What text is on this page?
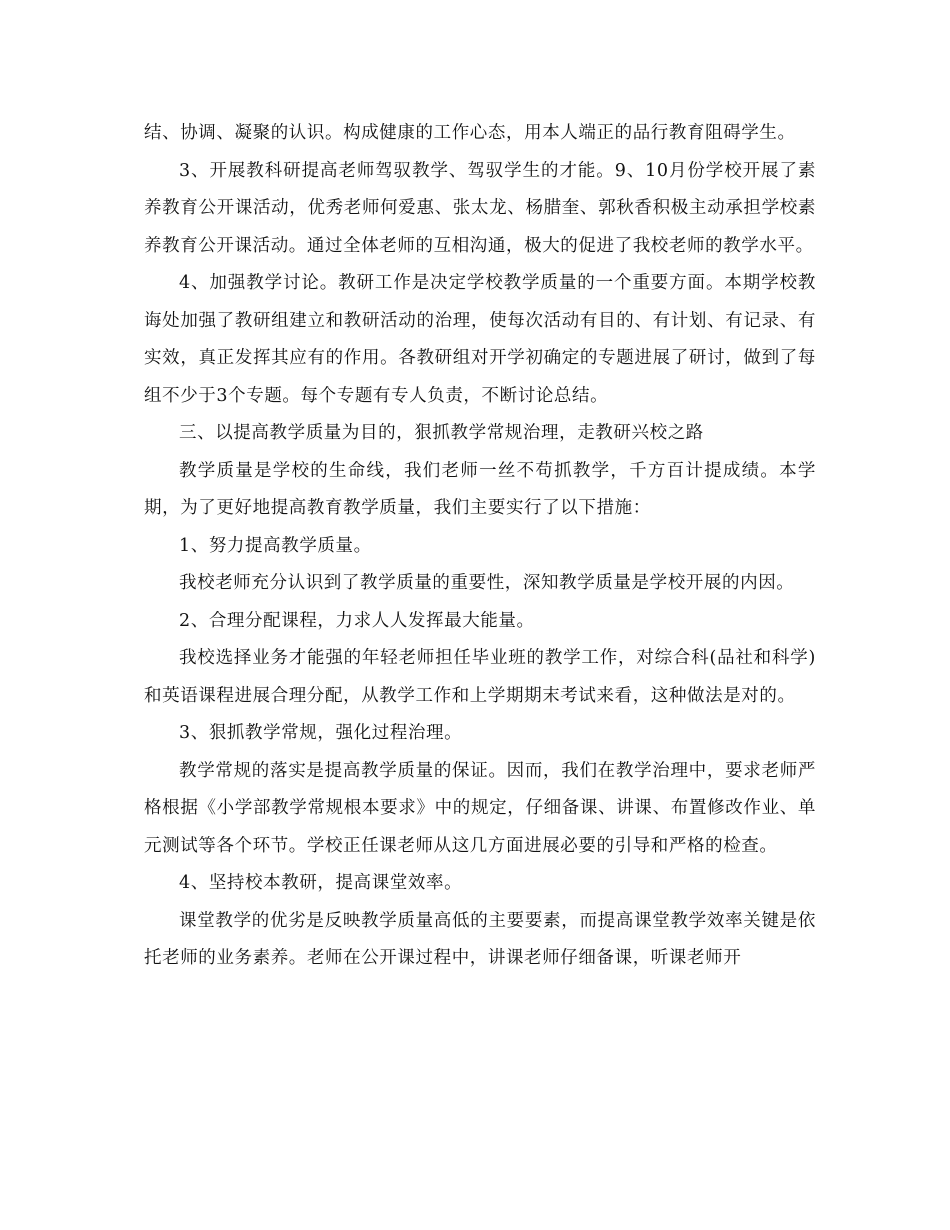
结、协调、凝聚的认识。构成健康的工作心态，用本人端正的品行教育阻碍学生。

3、开展教科研提高老师驾驭教学、驾驭学生的才能。9、10月份学校开展了素养教育公开课活动，优秀老师何爱惠、张太龙、杨腊奎、郭秋香积极主动承担学校素养教育公开课活动。通过全体老师的互相沟通，极大的促进了我校老师的教学水平。

4、加强教学讨论。教研工作是决定学校教学质量的一个重要方面。本期学校教诲处加强了教研组建立和教研活动的治理，使每次活动有目的、有计划、有记录、有实效，真正发挥其应有的作用。各教研组对开学初确定的专题进展了研讨，做到了每组不少于3个专题。每个专题有专人负责，不断讨论总结。

三、以提高教学质量为目的，狠抓教学常规治理，走教研兴校之路

教学质量是学校的生命线，我们老师一丝不苟抓教学，千方百计提成绩。本学期，为了更好地提高教育教学质量，我们主要实行了以下措施：

1、努力提高教学质量。

我校老师充分认识到了教学质量的重要性，深知教学质量是学校开展的内因。

2、合理分配课程，力求人人发挥最大能量。

我校选择业务才能强的年轻老师担任毕业班的教学工作，对综合科(品社和科学)和英语课程进展合理分配，从教学工作和上学期期末考试来看，这种做法是对的。

3、狠抓教学常规，强化过程治理。

教学常规的落实是提高教学质量的保证。因而，我们在教学治理中，要求老师严格根据《小学部教学常规根本要求》中的规定，仔细备课、讲课、布置修改作业、单元测试等各个环节。学校正任课老师从这几方面进展必要的引导和严格的检查。

4、坚持校本教研，提高课堂效率。

课堂教学的优劣是反映教学质量高低的主要要素，而提高课堂教学效率关键是依托老师的业务素养。老师在公开课过程中，讲课老师仔细备课，听课老师开
